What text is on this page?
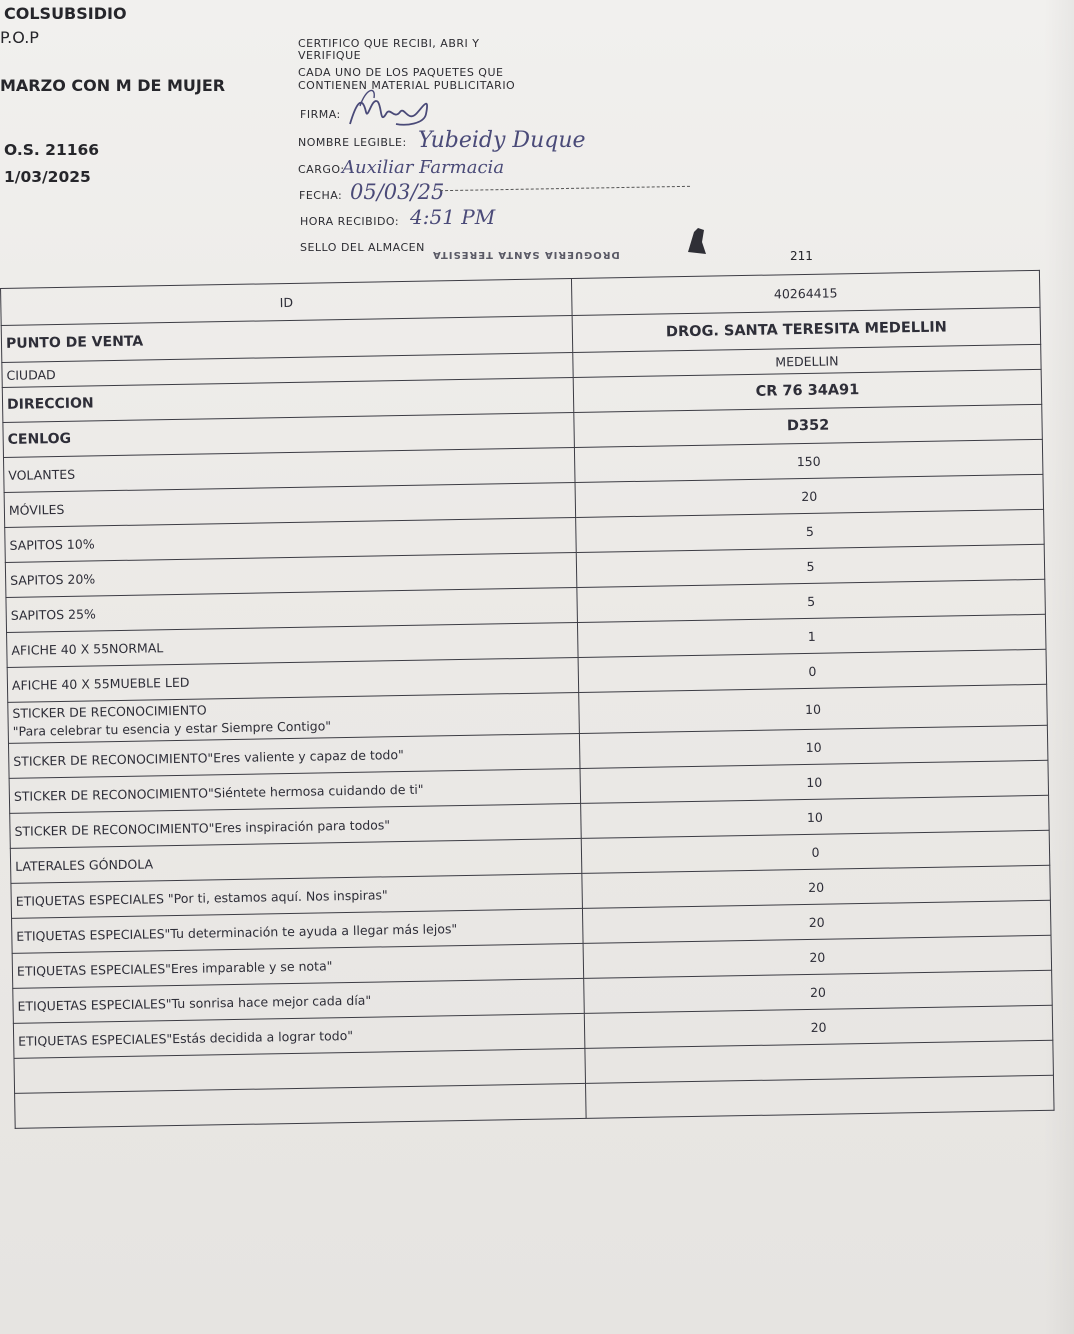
COLSUBSIDIO
P.O.P
MARZO CON M DE MUJER
O.S. 21166
1/03/2025
CERTIFICO QUE RECIBI, ABRI Y
VERIFIQUE
CADA UNO DE LOS PAQUETES QUE
CONTIENEN MATERIAL PUBLICITARIO
FIRMA:
NOMBRE LEGIBLE: Yubeidy Duque
CARGO:
Auxiliar Farmacia
FECHA: 05/03/25
HORA RECIBIDO: 4:51 PM
SELLO DEL ALMACEN
DROGUERIA SANTA TERESITA	211
ID	40264415
PUNTO DE VENTA	DROG. SANTA TERESITA MEDELLIN
CIUDAD	MEDELLIN
DIRECCION	CR 76 34A91
CENLOG	D352
VOLANTES	150
MÓVILES	20
SAPITOS 10%	5
SAPITOS 20%	5
SAPITOS 25%	5
AFICHE 40 X 55NORMAL	1
AFICHE 40 X 55MUEBLE LED	0

STICKER DE RECONOCIMIENTO
"Para celebrar tu esencia y estar Siempre Contigo"	10
STICKER DE RECONOCIMIENTO"Eres valiente y capaz de todo"	10
STICKER DE RECONOCIMIENTO"Siéntete hermosa cuidando de ti"	10
STICKER DE RECONOCIMIENTO"Eres inspiración para todos"	10
LATERALES GÓNDOLA	0
ETIQUETAS ESPECIALES "Por ti, estamos aquí. Nos inspiras"	20
ETIQUETAS ESPECIALES"Tu determinación te ayuda a llegar más lejos"	20
ETIQUETAS ESPECIALES"Eres imparable y se nota"	20
ETIQUETAS ESPECIALES"Tu sonrisa hace mejor cada día"	20
ETIQUETAS ESPECIALES"Estás decidida a lograr todo"	20
